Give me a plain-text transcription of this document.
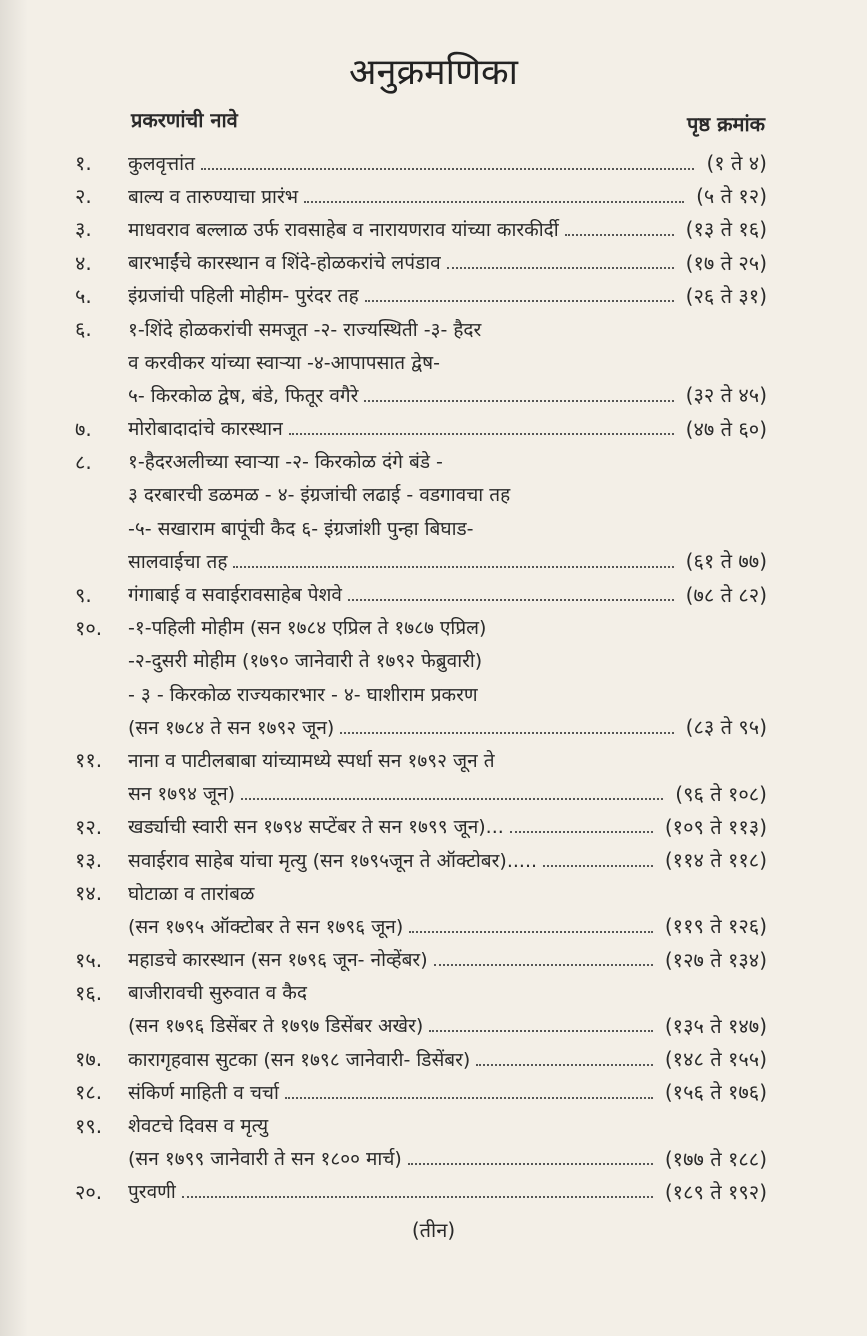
अनुक्रमणिका
प्रकरणांची नावे	पृष्ठ क्रमांक
१.	कुलवृत्तांत	(१ ते ४)
२.	बाल्य व तारुण्याचा प्रारंभ	(५ ते १२)
३.	माधवराव बल्लाळ उर्फ रावसाहेब व नारायणराव यांच्या कारकीर्दी	(१३ ते १६)
४.	बारभाईंचे कारस्थान व शिंदे-होळकरांचे लपंडाव	(१७ ते २५)
५.	इंग्रजांची पहिली मोहीम- पुरंदर तह	(२६ ते ३१)
६.	१-शिंदे होळकरांची समजूत -२- राज्यस्थिती -३- हैदर
व करवीकर यांच्या स्वाऱ्या -४-आपापसात द्वेष-
५- किरकोळ द्वेष, बंडे, फितूर वगैरे	(३२ ते ४५)
७.	मोरोबादादांचे कारस्थान	(४७ ते ६०)
८.	१-हैदरअलीच्या स्वाऱ्या -२- किरकोळ दंगे बंडे -
३ दरबारची डळमळ - ४- इंग्रजांची लढाई - वडगावचा तह
-५- सखाराम बापूंची कैद ६- इंग्रजांशी पुन्हा बिघाड-
सालवाईचा तह	(६१ ते ७७)
९.	गंगाबाई व सवाईरावसाहेब पेशवे	(७८ ते ८२)
१०.	-१-पहिली मोहीम (सन १७८४ एप्रिल ते १७८७ एप्रिल)
-२-दुसरी मोहीम (१७९० जानेवारी ते १७९२ फेब्रुवारी)
- ३ - किरकोळ राज्यकारभार - ४- घाशीराम प्रकरण
(सन १७८४ ते सन १७९२ जून)	(८३ ते ९५)
११.	नाना व पाटीलबाबा यांच्यामध्ये स्पर्धा सन १७९२ जून ते
सन १७९४ जून)	(९६ ते १०८)
१२.	खर्ड्याची स्वारी सन १७९४ सप्टेंबर ते सन १७९९ जून)...	(१०९ ते ११३)
१३.	सवाईराव साहेब यांचा मृत्यु (सन १७९५जून ते ऑक्टोबर).....	(११४ ते ११८)
१४.	घोटाळा व तारांबळ
(सन १७९५ ऑक्टोबर ते सन १७९६ जून)	(११९ ते १२६)
१५.	महाडचे कारस्थान (सन १७९६ जून- नोव्हेंबर)	(१२७ ते १३४)
१६.	बाजीरावची सुरुवात व कैद
(सन १७९६ डिसेंबर ते १७९७ डिसेंबर अखेर)	(१३५ ते १४७)
१७.	कारागृहवास सुटका (सन १७९८ जानेवारी- डिसेंबर)	(१४८ ते १५५)
१८.	संकिर्ण माहिती व चर्चा	(१५६ ते १७६)
१९.	शेवटचे दिवस व मृत्यु
(सन १७९९ जानेवारी ते सन १८०० मार्च)	(१७७ ते १८८)
२०.	पुरवणी	(१८९ ते १९२)
(तीन)
